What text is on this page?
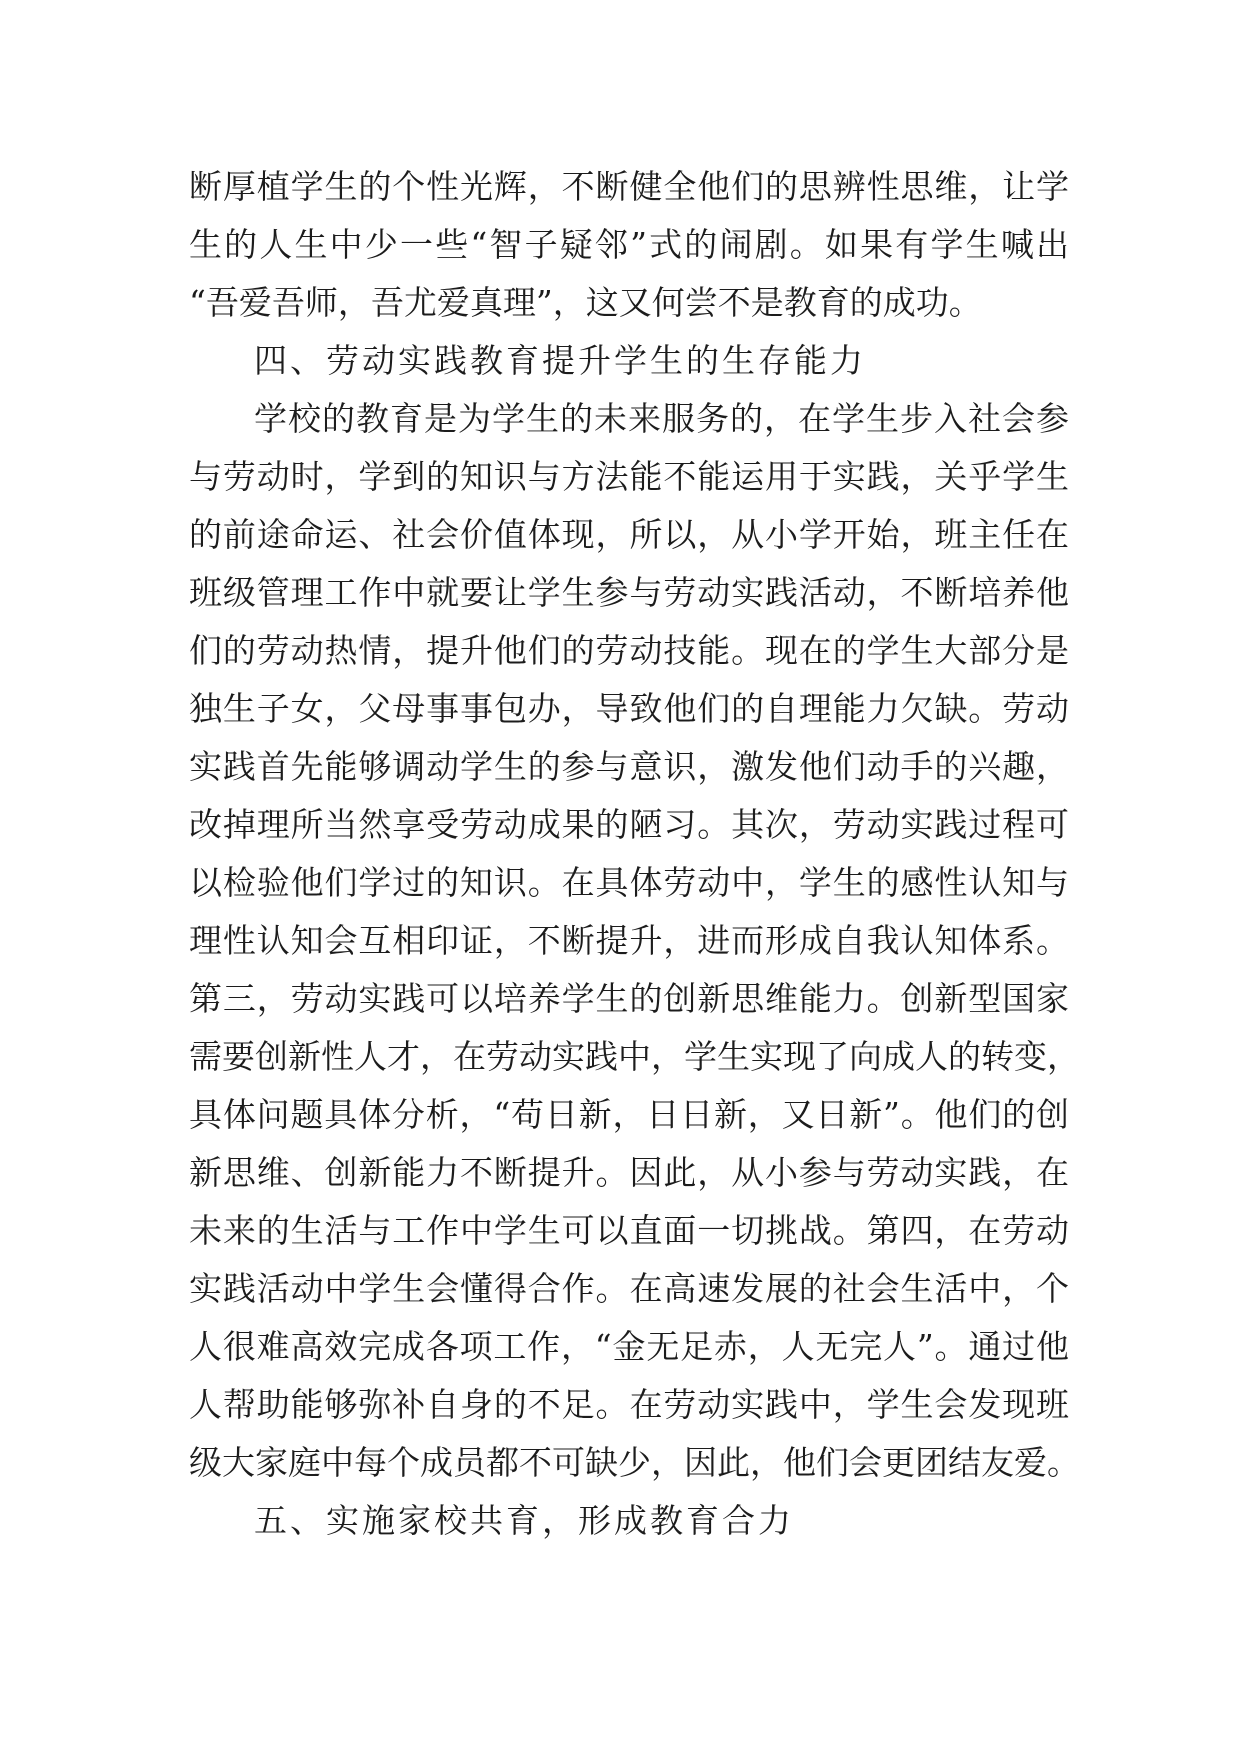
断厚植学生的个性光辉，不断健全他们的思辨性思维，让学
生的人生中少一些“智子疑邻”式的闹剧。如果有学生喊出
“吾爱吾师，吾尤爱真理”，这又何尝不是教育的成功。
四、劳动实践教育提升学生的生存能力
学校的教育是为学生的未来服务的，在学生步入社会参
与劳动时，学到的知识与方法能不能运用于实践，关乎学生
的前途命运、社会价值体现，所以，从小学开始，班主任在
班级管理工作中就要让学生参与劳动实践活动，不断培养他
们的劳动热情，提升他们的劳动技能。现在的学生大部分是
独生子女，父母事事包办，导致他们的自理能力欠缺。劳动
实践首先能够调动学生的参与意识，激发他们动手的兴趣，
改掉理所当然享受劳动成果的陋习。其次，劳动实践过程可
以检验他们学过的知识。在具体劳动中，学生的感性认知与
理性认知会互相印证，不断提升，进而形成自我认知体系。
第三，劳动实践可以培养学生的创新思维能力。创新型国家
需要创新性人才，在劳动实践中，学生实现了向成人的转变，
具体问题具体分析，“苟日新，日日新，又日新”。他们的创
新思维、创新能力不断提升。因此，从小参与劳动实践，在
未来的生活与工作中学生可以直面一切挑战。第四，在劳动
实践活动中学生会懂得合作。在高速发展的社会生活中，个
人很难高效完成各项工作，“金无足赤，人无完人”。通过他
人帮助能够弥补自身的不足。在劳动实践中，学生会发现班
级大家庭中每个成员都不可缺少，因此，他们会更团结友爱。
五、实施家校共育，形成教育合力
